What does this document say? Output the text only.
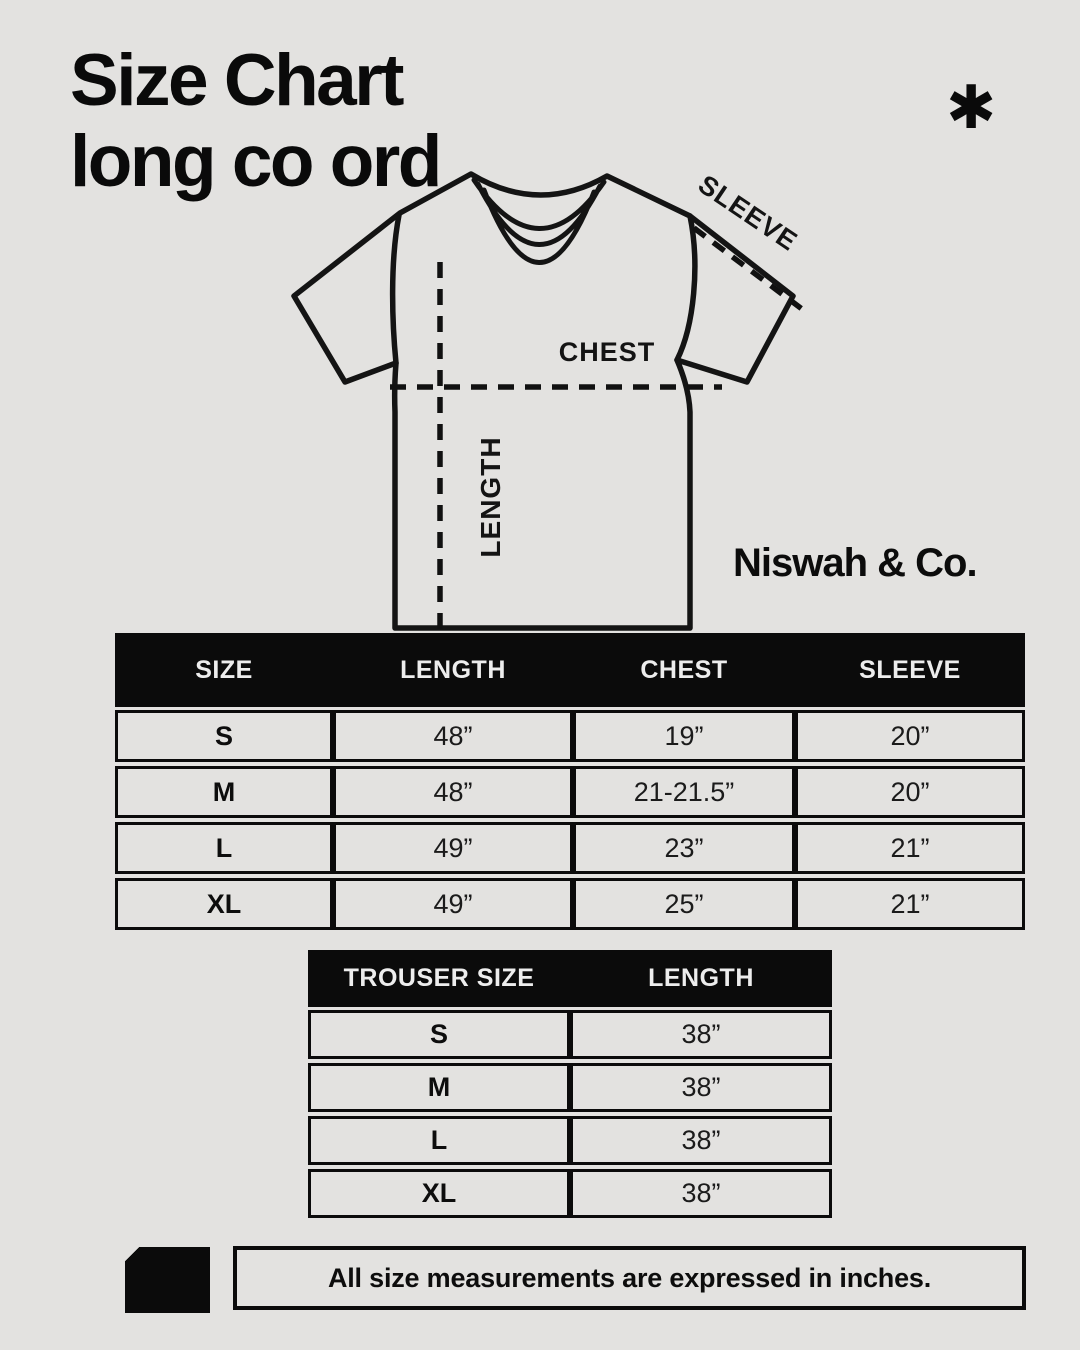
Size Chart
long co ord
✱
SLEEVE
CHEST
LENGTH
Niswah & Co.
SIZE	LENGTH	CHEST	SLEEVE
S	48”	19”	20”
M	48”	21-21.5”	20”
L	49”	23”	21”
XL	49”	25”	21”
TROUSER SIZE	LENGTH
S	38”
M	38”
L	38”
XL	38”
All size measurements are expressed in inches.
